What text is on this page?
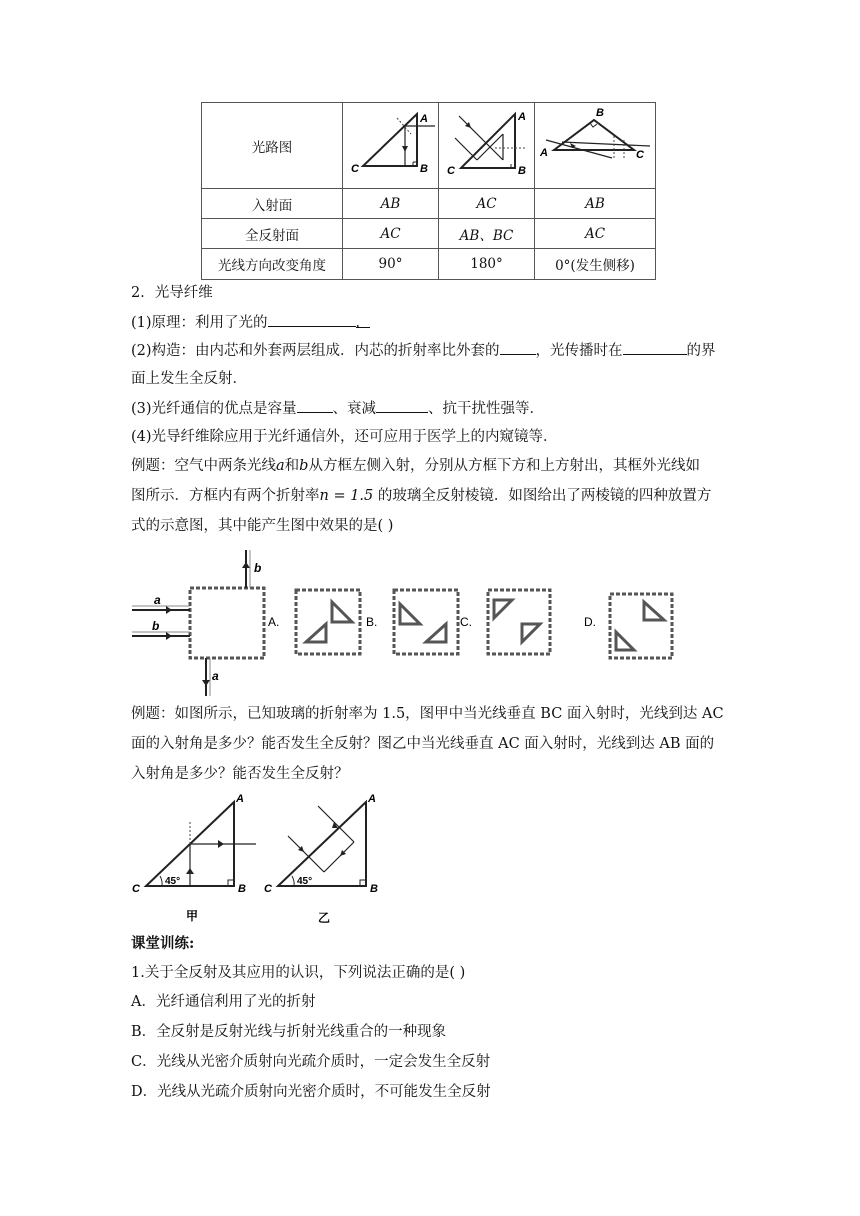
光路图	A
B
C	A
B
C	B
A C

入射面	AB	AC	AB
全反射面	AC	AB、BC	AC
光线方向改变角度	90°	180°	0°(发生侧移)
2．光导纤维
(1)原理：利用了光的	.
(2)构造：由内芯和外套两层组成．内芯的折射率比外套的 ，光传播时在	的界
面上发生全反射．
(3)光纤通信的优点是容量 、衰减	、抗干扰性强等．
(4)光导纤维除应用于光纤通信外，还可应用于医学上的内窥镜等．
例题：空气中两条光线a和b从方框左侧入射，分别从方框下方和上方射出，其框外光线如
图所示．方框内有两个折射率n = 1.5 的玻璃全反射棱镜．如图给出了两棱镜的四种放置方
式的示意图，其中能产生图中效果的是( )
a
b
b
a
A.	B.	C.	D.
例题：如图所示，已知玻璃的折射率为 1.5，图甲中当光线垂直 BC 面入射时，光线到达 AC
面的入射角是多少？能否发生全反射？图乙中当光线垂直 AC 面入射时，光线到达 AB 面的
入射角是多少？能否发生全反射？
45°
A
B
C
甲
45°
A
B
C
乙
课堂训练:
1.关于全反射及其应用的认识，下列说法正确的是( )
A．光纤通信利用了光的折射
B．全反射是反射光线与折射光线重合的一种现象
C．光线从光密介质射向光疏介质时，一定会发生全反射
D．光线从光疏介质射向光密介质时，不可能发生全反射
